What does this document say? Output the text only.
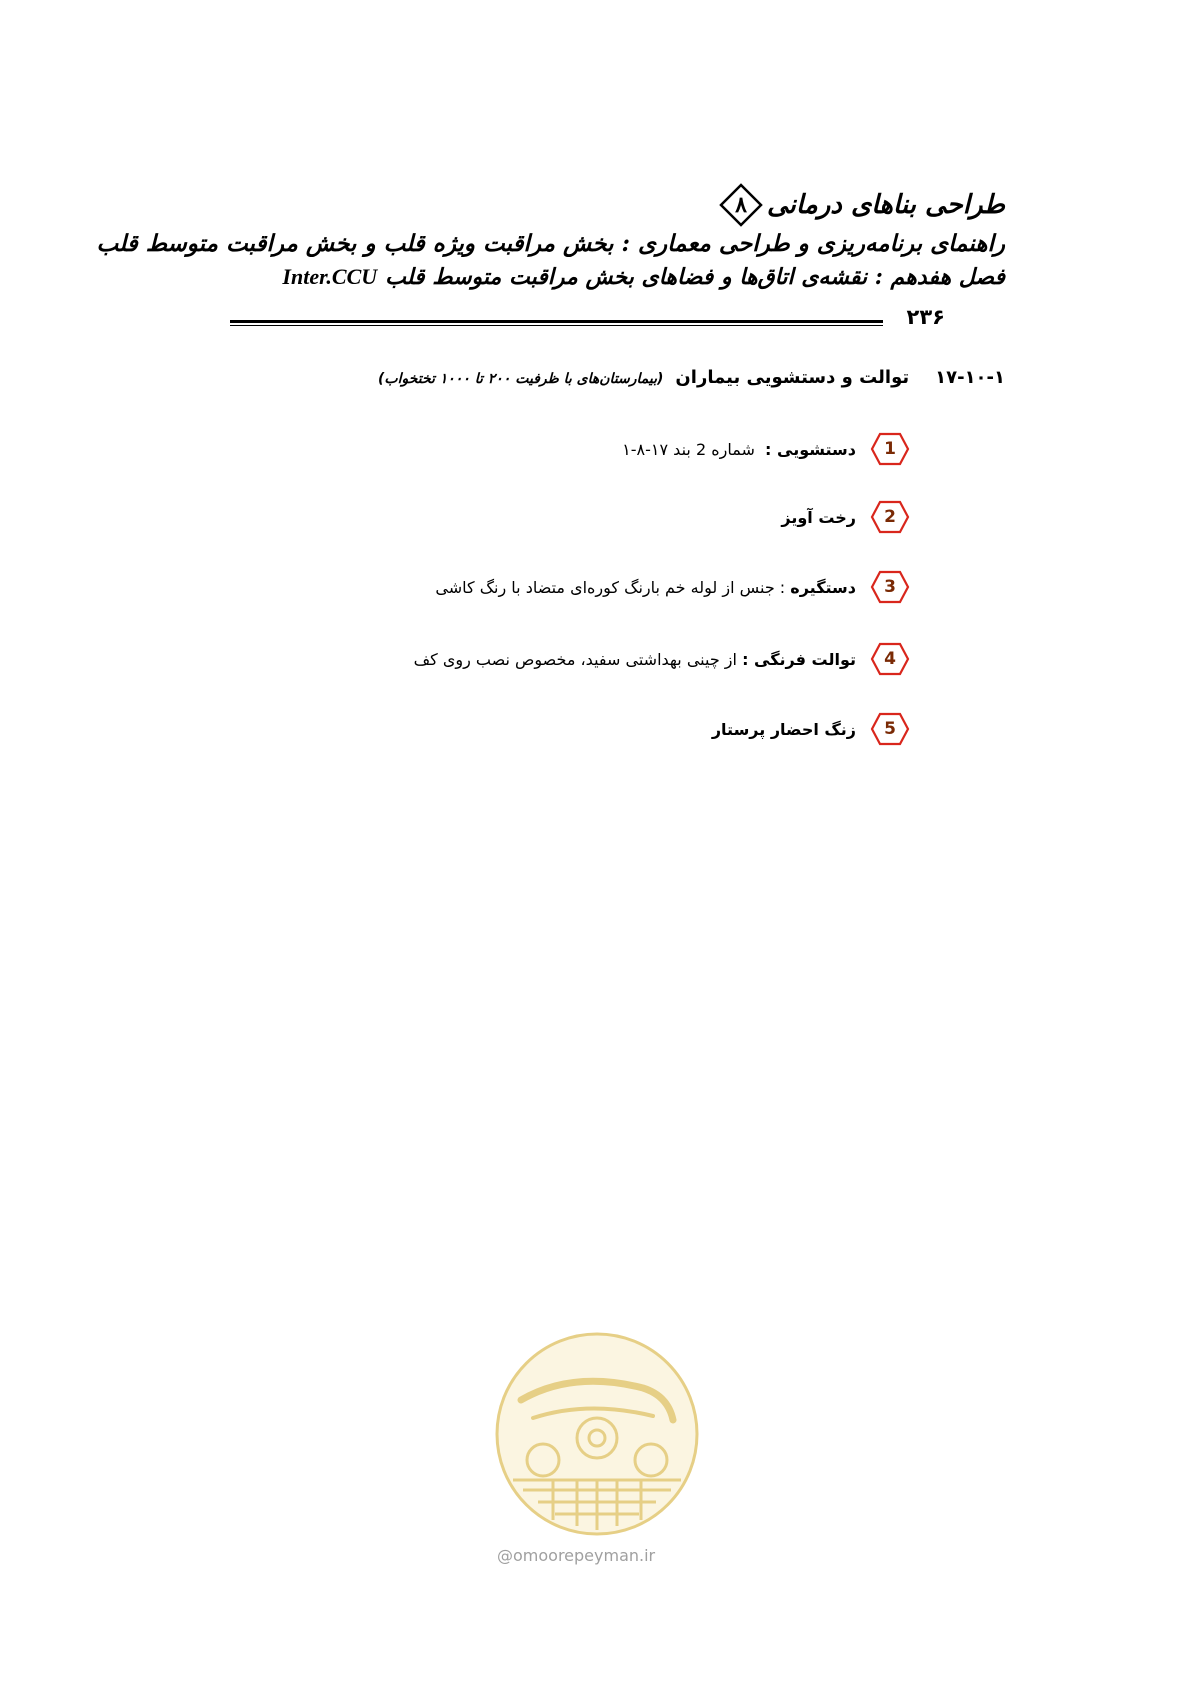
طراحی بناهای درمانی
۸
راهنمای برنامه‌ریزی و طراحی معماری : بخش مراقبت ویژه قلب و بخش مراقبت متوسط قلب
فصل هفدهم : نقشه‌ی اتاق‌ها و فضاهای بخش مراقبت متوسط قلبInter.CCU
۲۳۶
۱۷-۱۰-۱توالت و دستشویی بیماران(بیمارستان‌های با ظرفیت ۲۰۰ تا ۱۰۰۰ تختخواب)
1
دستشویی :

شماره 2 بند ۱۷-۸-۱
2
رخت آویز
3
دستگیره

: جنس از لوله خم بارنگ کوره‌ای متضاد با رنگ کاشی
4
توالت فرنگی :

از چینی بهداشتی سفید، مخصوص نصب روی کف
5
زنگ احضار پرستار
@omoorepeyman.ir
